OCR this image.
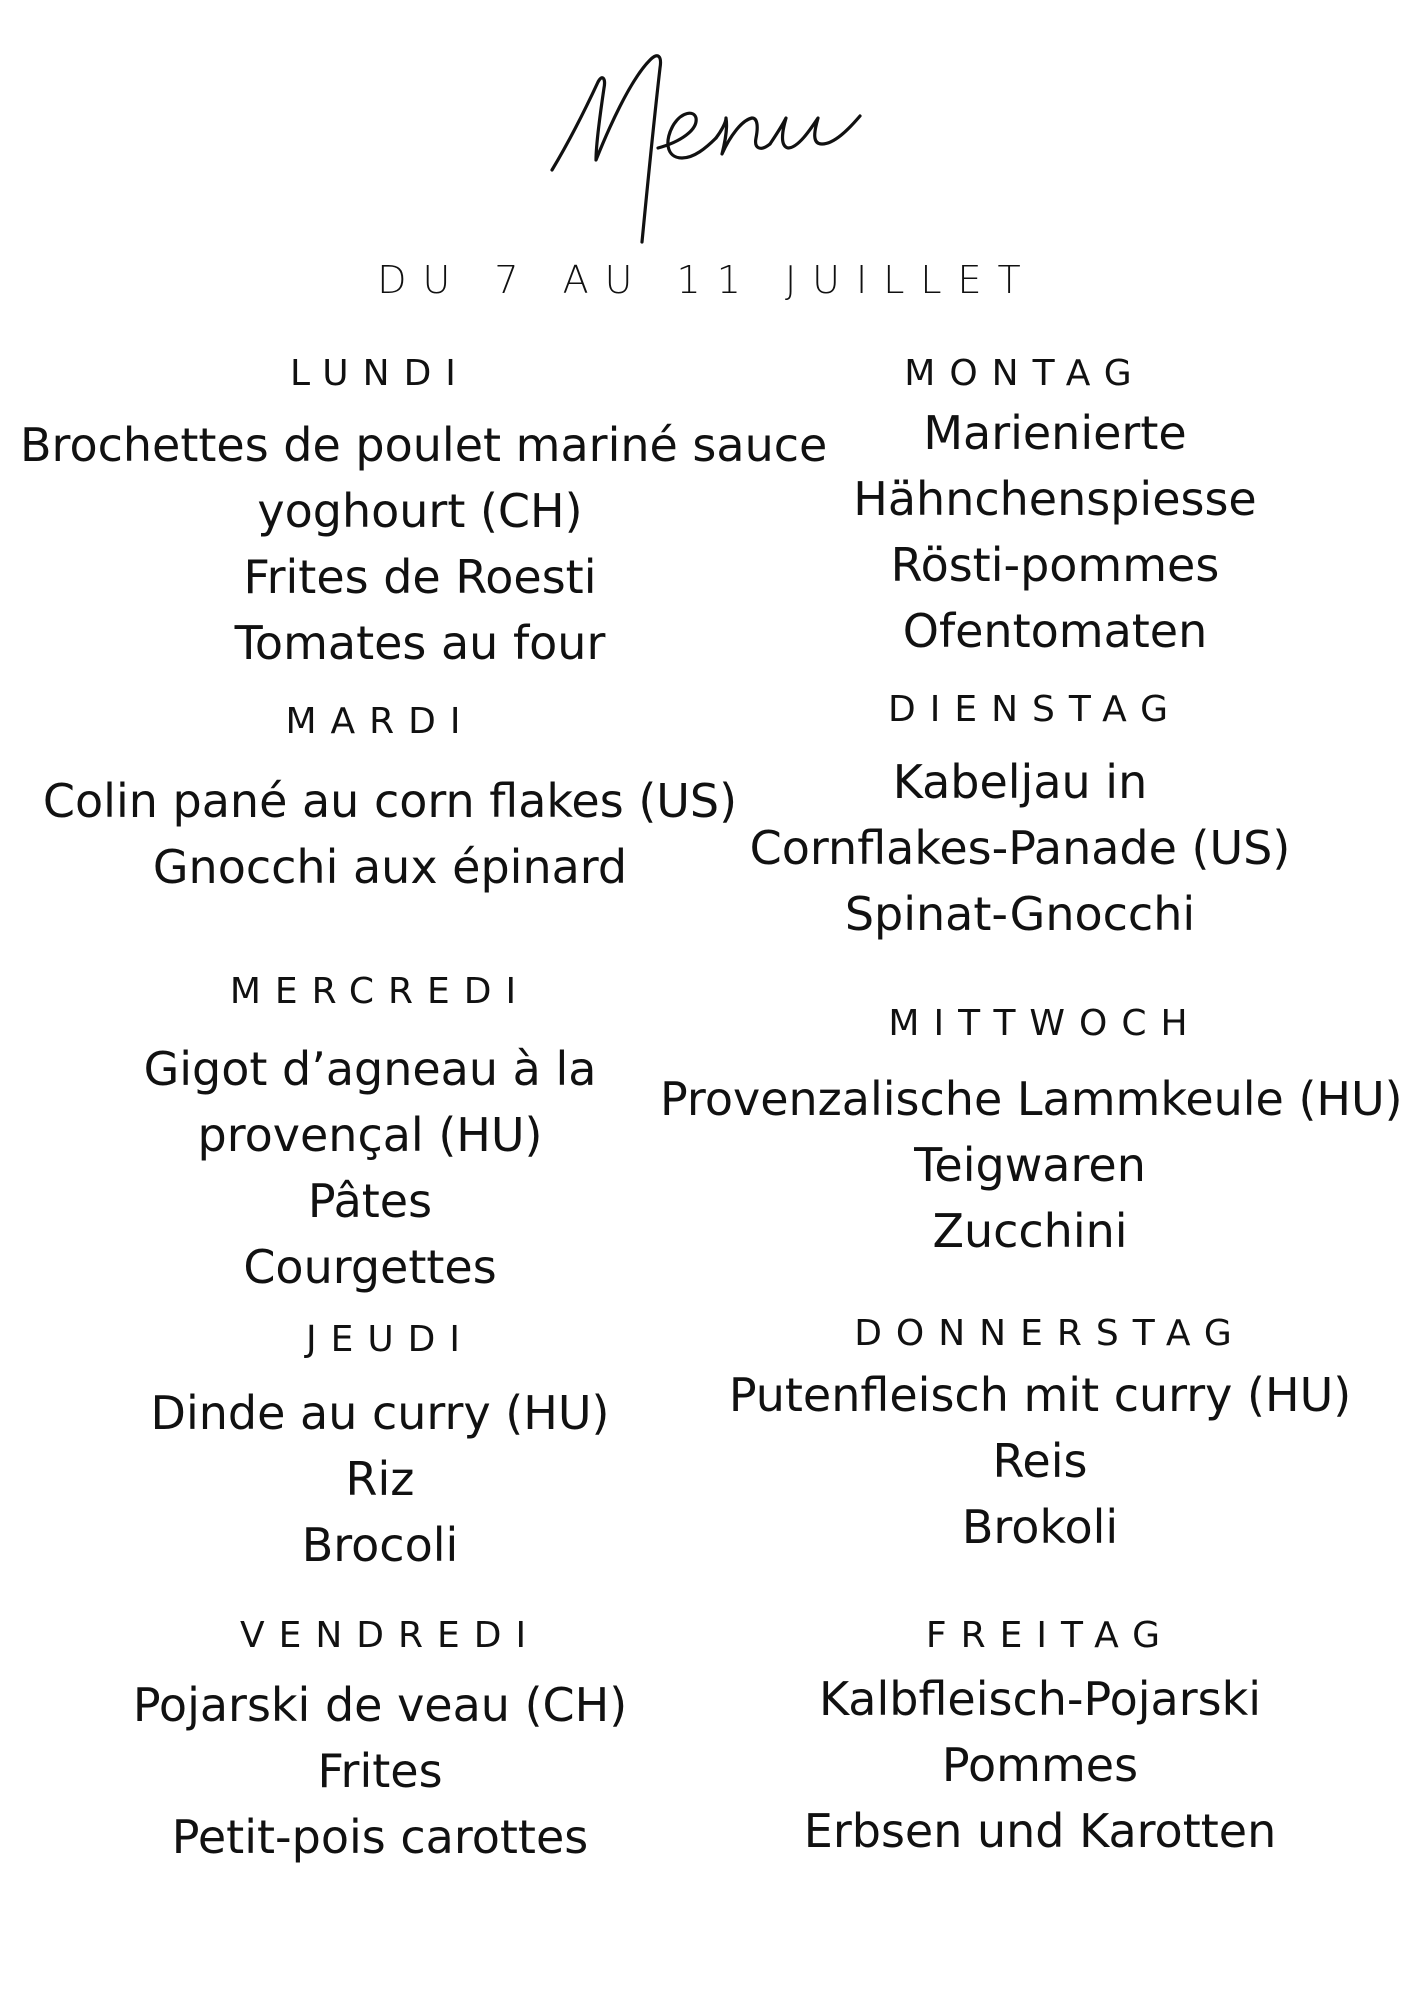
DU 7 AU 11 JUILLET
LUNDI	MONTAG
Brochettes de poulet mariné sauce
yoghourt (CH)
Frites de Roesti
Tomates au four
Marienierte
Hähnchenspiesse
Rösti-pommes
Ofentomaten
MARDI	DIENSTAG
Colin pané au corn flakes (US)
Gnocchi aux épinard
Kabeljau in
Cornflakes-Panade (US)
Spinat-Gnocchi
MERCREDI
MITTWOCH
Gigot d’agneau à la
provençal (HU)
Pâtes
Courgettes
Provenzalische Lammkeule (HU)
Teigwaren
Zucchini
JEUDI	DONNERSTAG
Dinde au curry (HU)
Riz
Brocoli
Putenfleisch mit curry (HU)
Reis
Brokoli
VENDREDI	FREITAG
Pojarski de veau (CH)
Frites
Petit-pois carottes
Kalbfleisch-Pojarski
Pommes
Erbsen und Karotten
